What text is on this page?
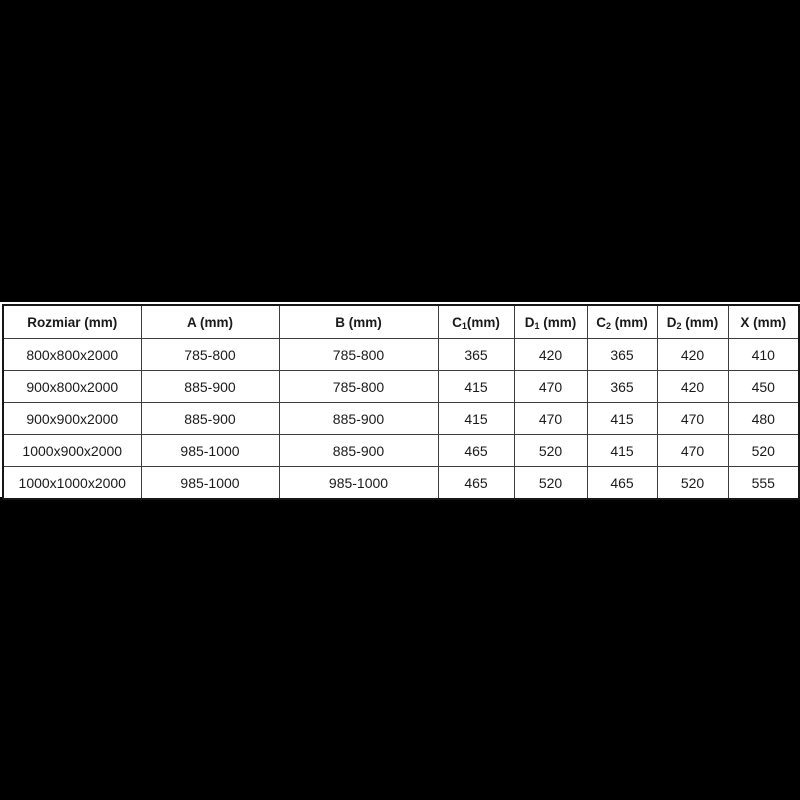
Rozmiar (mm)	A (mm)	B (mm)	$C_1(mm)$	$D_1$ (mm)	$C_2$ (mm)	$D_2$ (mm)	X (mm)
800x800x2000	785-800	785-800	365	420	365	420	410
900x800x2000	885-900	785-800	415	470	365	420	450
900x900x2000	885-900	885-900	415	470	415	470	480
1000x900x2000	985-1000	885-900	465	520	415	470	520
1000x1000x2000	985-1000	985-1000	465	520	465	520	555
